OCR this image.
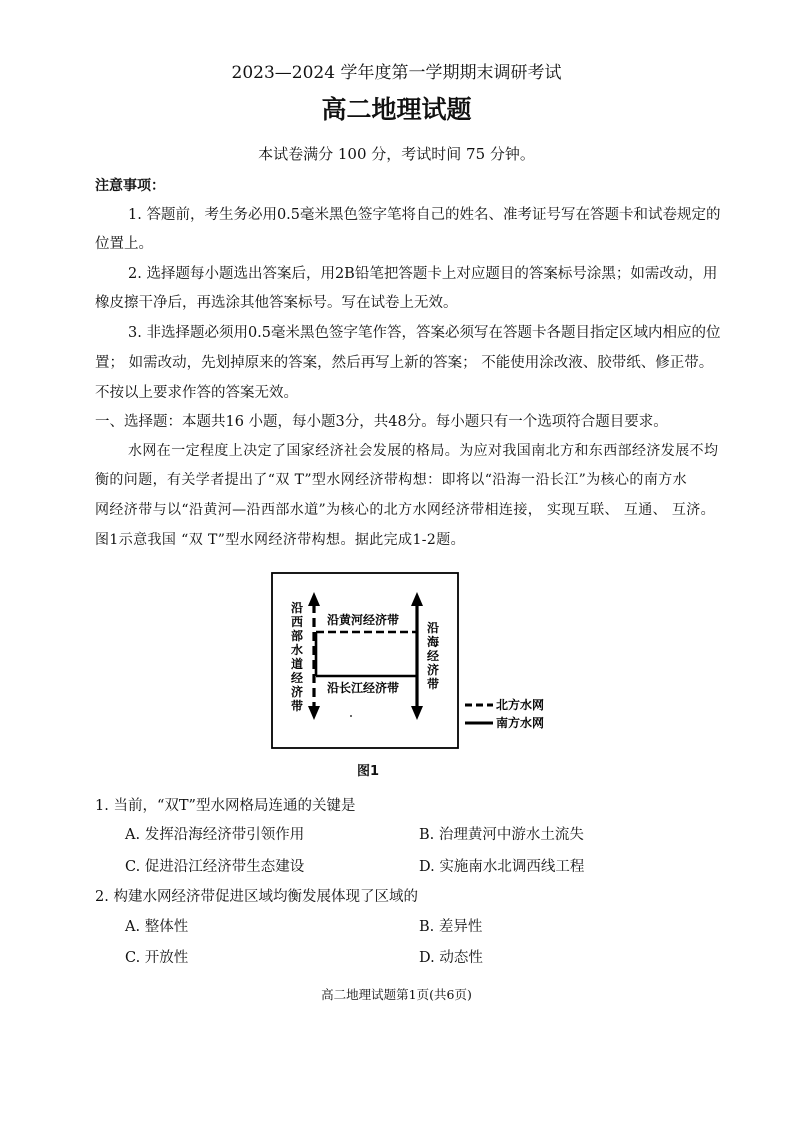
2023—2024 学年度第一学期期末调研考试
高二地理试题
本试卷满分 100 分，考试时间 75 分钟。
注意事项：
1. 答题前，考生务必用0.5毫米黑色签字笔将自己的姓名、准考证号写在答题卡和试卷规定的
位置上。
2. 选择题每小题选出答案后，用2B铅笔把答题卡上对应题目的答案标号涂黑；如需改动，用
橡皮擦干净后，再选涂其他答案标号。写在试卷上无效。
3. 非选择题必须用0.5毫米黑色签字笔作答，答案必须写在答题卡各题目指定区域内相应的位
置； 如需改动，先划掉原来的答案，然后再写上新的答案； 不能使用涂改液、胶带纸、修正带。
不按以上要求作答的答案无效。
一、选择题：本题共16 小题，每小题3分，共48分。每小题只有一个选项符合题目要求。
水网在一定程度上决定了国家经济社会发展的格局。为应对我国南北方和东西部经济发展不均
衡的问题，有关学者提出了“双 T”型水网经济带构想：即将以“沿海一沿长江”为核心的南方水
网经济带与以“沿黄河—沿西部水道”为核心的北方水网经济带相连接， 实现互联、 互通、 互济。
图1示意我国 “双 T”型水网经济带构想。据此完成1-2题。
沿黄河经济带
沿长江经济带
沿
西
部
水
道
经
济
带
沿
海
经
济
带
北方水网
南方水网
图1
1. 当前，“双T”型水网格局连通的关键是
A. 发挥沿海经济带引领作用	B. 治理黄河中游水土流失
C. 促进沿江经济带生态建设	D. 实施南水北调西线工程
2. 构建水网经济带促进区域均衡发展体现了区域的
A. 整体性	B. 差异性
C. 开放性	D. 动态性
高二地理试题第1页(共6页)
